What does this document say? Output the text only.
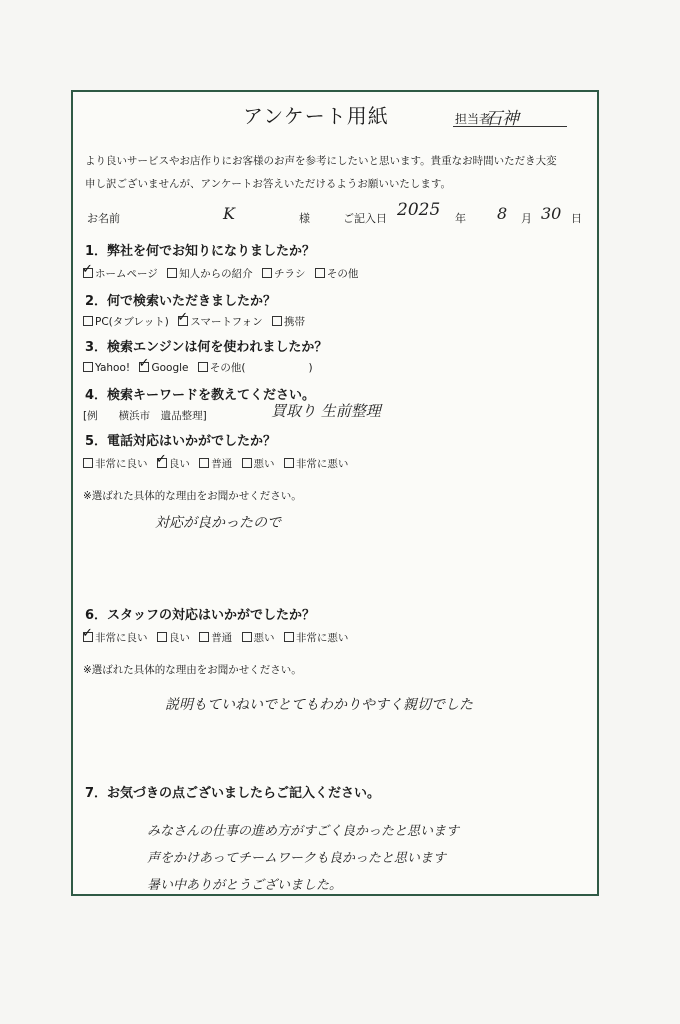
アンケート用紙	担当者
石神
より良いサービスやお店作りにお客様のお声を参考にしたいと思います。貴重なお時間いただき大変
申し訳ございませんが、アンケートお答えいただけるようお願いいたします。
お名前	K	様	ご記入日 2025 年 8 月 30 日
1．弊社を何でお知りになりましたか？
✓ホームページ 知人からの紹介 チラシ その他
2．何で検索いただきましたか？
PC(タブレット) ✓ スマートフォン 携帯
3．検索エンジンは何を使われましたか？
Yahoo! ✓ Google その他(　　　　　　)
4．検索キーワードを教えてください。
[例　　横浜市　遺品整理]	買取り 生前整理
5．電話対応はいかがでしたか？
非常に良い ✓ 良い 普通 悪い 非常に悪い
※選ばれた具体的な理由をお聞かせください。
対応が良かったので
6．スタッフの対応はいかがでしたか？
✓非常に良い 良い 普通 悪い 非常に悪い
※選ばれた具体的な理由をお聞かせください。
説明もていねいでとてもわかりやすく親切でした
7．お気づきの点ございましたらご記入ください。
みなさんの仕事の進め方がすごく良かったと思います
声をかけあってチームワークも良かったと思います
暑い中ありがとうございました。
